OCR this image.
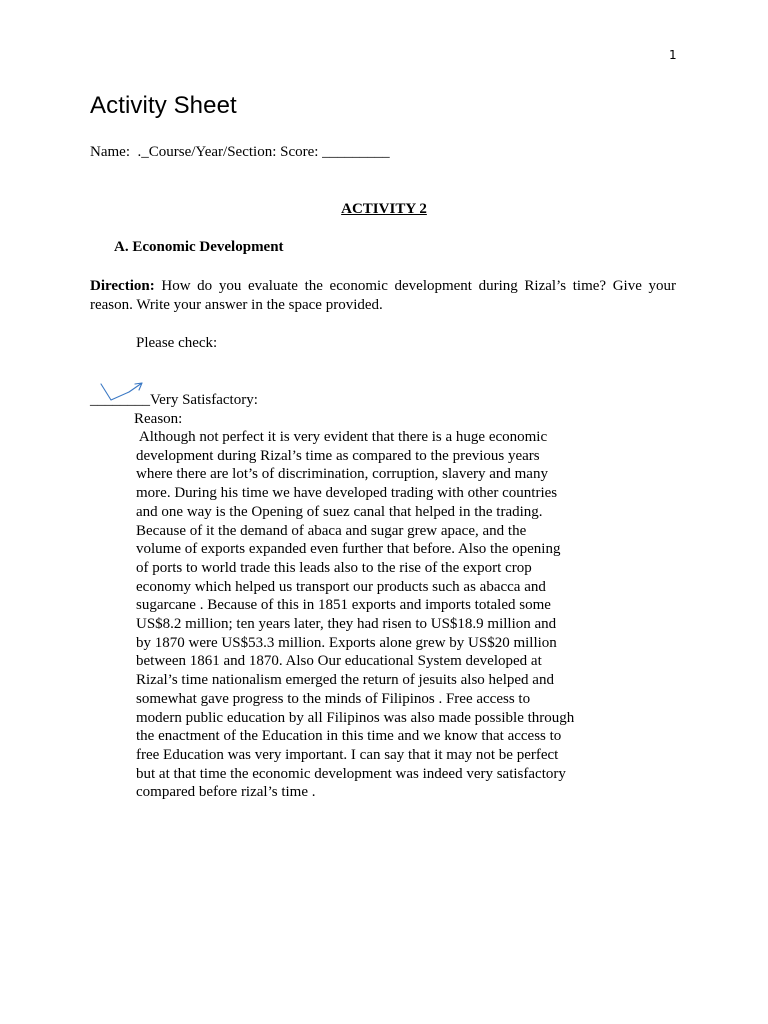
1
Activity Sheet
Name:  ._Course/Year/Section: Score: _________
ACTIVITY 2
A. Economic Development

Direction: How do you evaluate the economic development during Rizal’s time? Give your reason. Write your answer in the space provided.

Please check:
________Very Satisfactory:
Reason:
Although not perfect it is very evident that there is a huge economic
development during Rizal’s time as compared to the previous years
where there are lot’s of discrimination, corruption, slavery and many
more. During his time we have developed trading with other countries
and one way is the Opening of suez canal that helped in the trading.
Because of it the demand of abaca and sugar grew apace, and the
volume of exports expanded even further that before. Also the opening
of ports to world trade this leads also to the rise of the export crop
economy which helped us transport our products such as abacca and
sugarcane . Because of this in 1851 exports and imports totaled some
US$8.2 million; ten years later, they had risen to US$18.9 million and
by 1870 were US$53.3 million. Exports alone grew by US$20 million
between 1861 and 1870. Also Our educational System developed at
Rizal’s time nationalism emerged the return of jesuits also helped and
somewhat gave progress to the minds of Filipinos . Free access to
modern public education by all Filipinos was also made possible through
the enactment of the Education in this time and we know that access to
free Education was very important. I can say that it may not be perfect
but at that time the economic development was indeed very satisfactory
compared before rizal’s time .
